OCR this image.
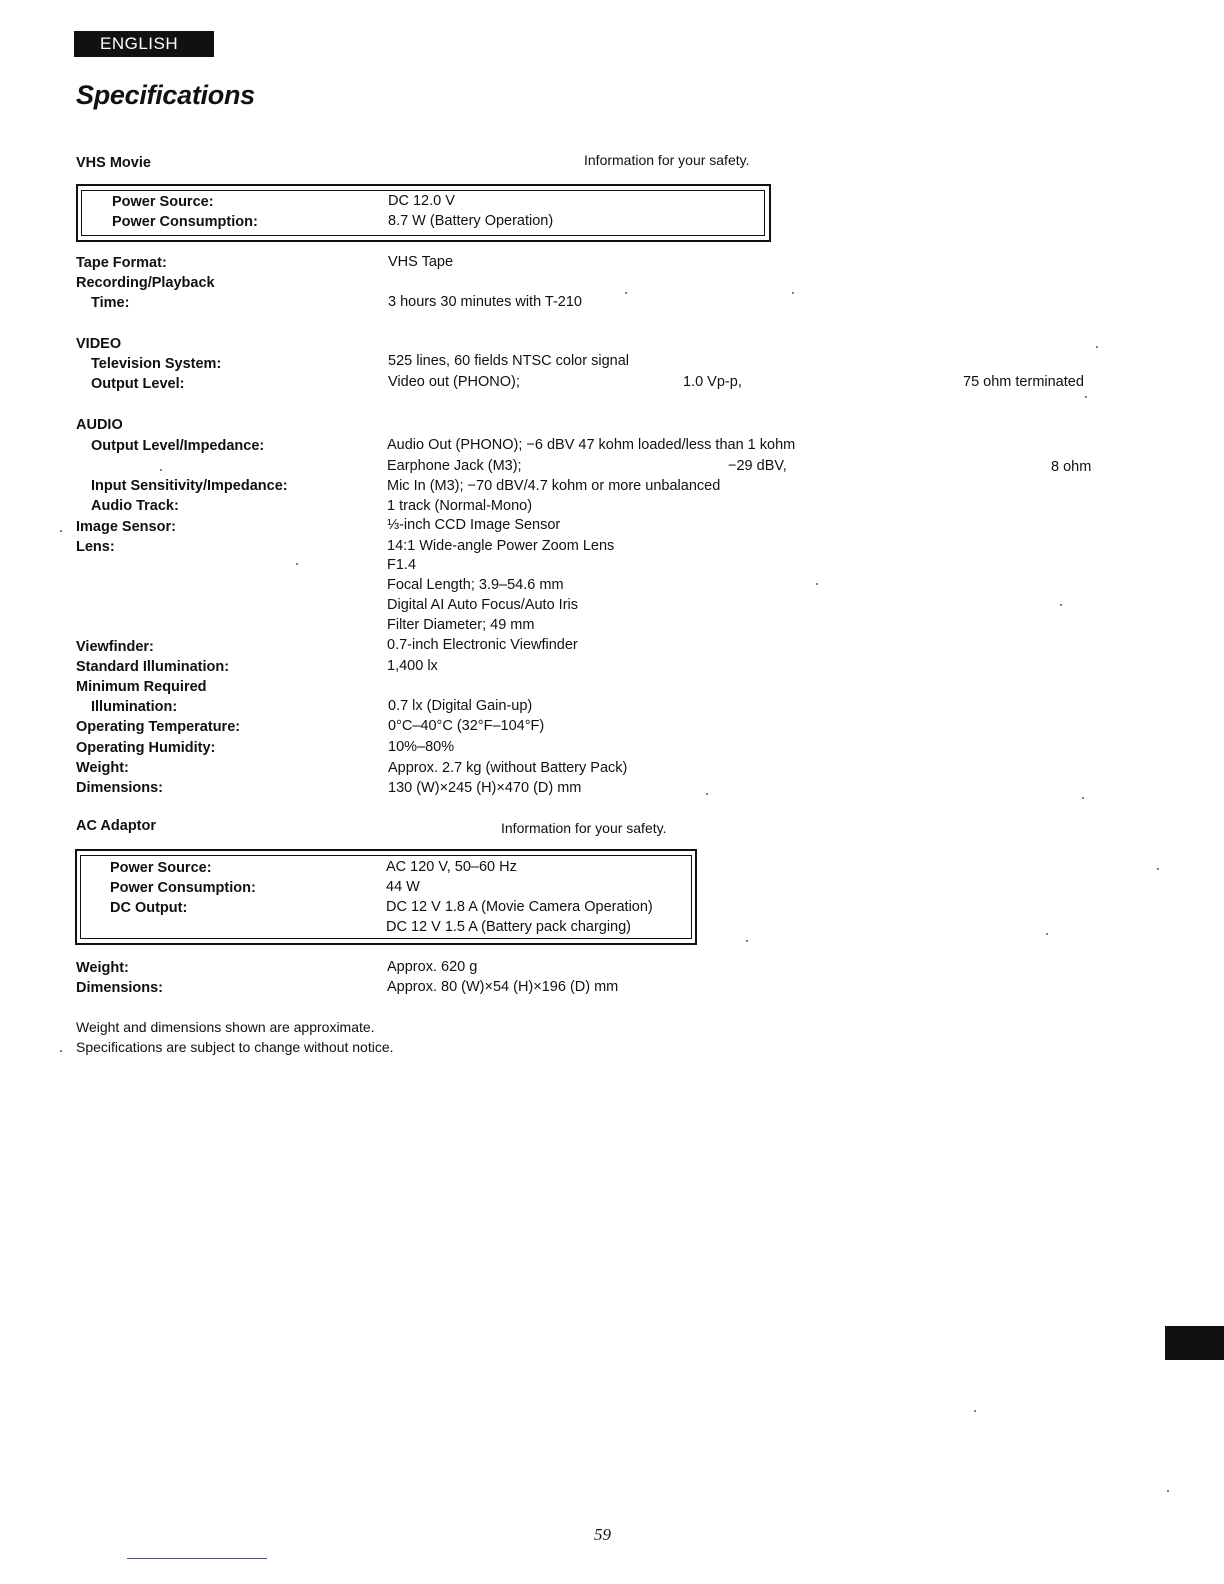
ENGLISH
Specifications
VHS Movie	Information for your safety.
Power Source:	DC 12.0 V
Power Consumption:	8.7 W (Battery Operation)
Tape Format:	VHS Tape
Recording/Playback
Time:	3 hours 30 minutes with T-210
VIDEO
Television System:	525 lines, 60 fields NTSC color signal
Output Level:	Video out (PHONO);	1.0 Vp-p,	75 ohm terminated
AUDIO
Output Level/Impedance:	Audio Out (PHONO); −6 dBV 47 kohm loaded/less than 1 kohm
Earphone Jack (M3);	−29 dBV,	8 ohm
Input Sensitivity/Impedance:	Mic In (M3); −70 dBV/4.7 kohm or more unbalanced
Audio Track:	1 track (Normal-Mono)
Image Sensor:	⅓-inch CCD Image Sensor
Lens:	14:1 Wide-angle Power Zoom Lens
F1.4
Focal Length; 3.9–54.6 mm
Digital AI Auto Focus/Auto Iris
Filter Diameter; 49 mm
Viewfinder:	0.7-inch Electronic Viewfinder
Standard Illumination:	1,400 lx
Minimum Required
Illumination:	0.7 lx (Digital Gain-up)
Operating Temperature:	0°C–40°C (32°F–104°F)
Operating Humidity:	10%–80%
Weight:	Approx. 2.7 kg (without Battery Pack)
Dimensions:	130 (W)×245 (H)×470 (D) mm
AC Adaptor	Information for your safety.
Power Source:	AC 120 V, 50–60 Hz
Power Consumption:	44 W
DC Output:	DC 12 V 1.8 A (Movie Camera Operation)
DC 12 V 1.5 A (Battery pack charging)
Weight:	Approx. 620 g
Dimensions:	Approx. 80 (W)×54 (H)×196 (D) mm
Weight and dimensions shown are approximate.
Specifications are subject to change without notice.
59
